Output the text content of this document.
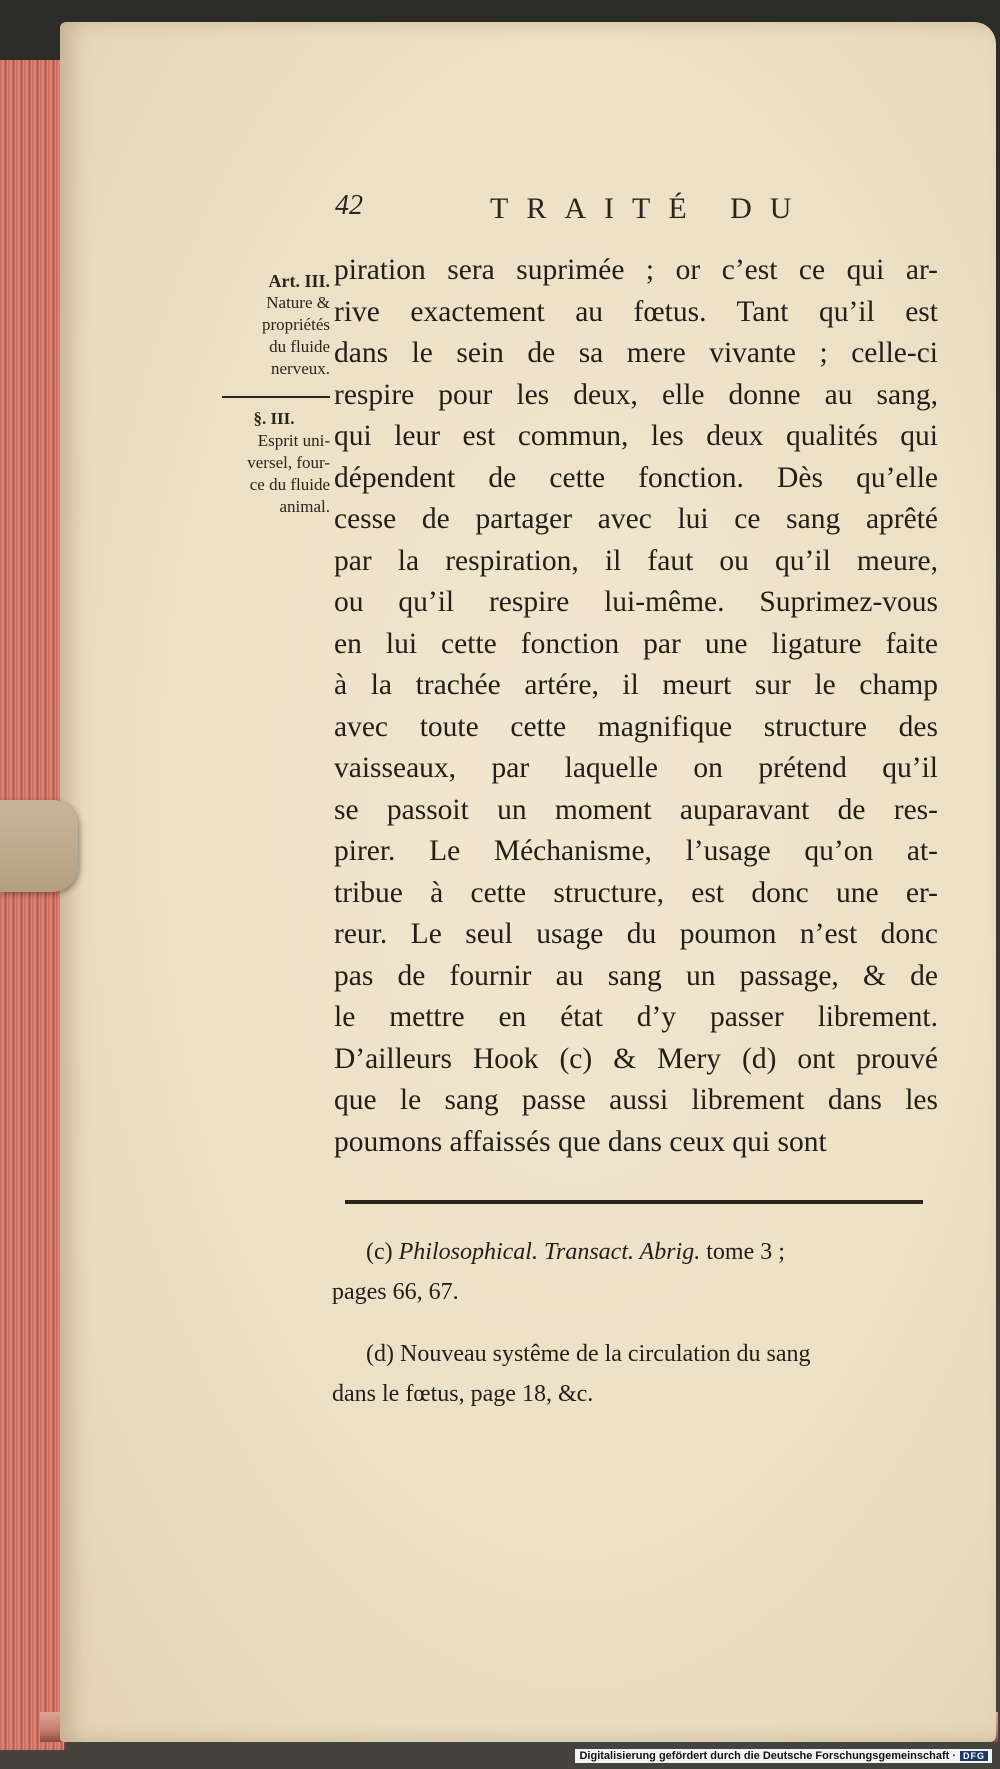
42	TRAITÉ DU
Art. III.
Nature &
propriétés
du fluide
nerveux.
§. III.
Esprit uni-
versel, four-
ce du fluide
animal.
piration sera suprimée ; or c’est ce qui ar-
rive exactement au fœtus. Tant qu’il est
dans le sein de sa mere vivante ; celle-ci
respire pour les deux, elle donne au sang,
qui leur est commun, les deux qualités qui
dépendent de cette fonction. Dès qu’elle
cesse de partager avec lui ce sang aprêté
par la respiration, il faut ou qu’il meure,
ou qu’il respire lui-même. Suprimez-vous
en lui cette fonction par une ligature faite
à la trachée artére, il meurt sur le champ
avec toute cette magnifique structure des
vaisseaux, par laquelle on prétend qu’il
se passoit un moment auparavant de res-
pirer. Le Méchanisme, l’usage qu’on at-
tribue à cette structure, est donc une er-
reur. Le seul usage du poumon n’est donc
pas de fournir au sang un passage, & de
le mettre en état d’y passer librement.
D’ailleurs Hook (c) & Mery (d) ont prouvé
que le sang passe aussi librement dans les
poumons affaissés que dans ceux qui sont
(c) Philosophical. Transact. Abrig. tome 3 ;
pages 66, 67.
(d) Nouveau systême de la circulation du sang
dans le fœtus, page 18, &c.
Digitalisierung gefördert durch die Deutsche Forschungsgemeinschaft · DFG
